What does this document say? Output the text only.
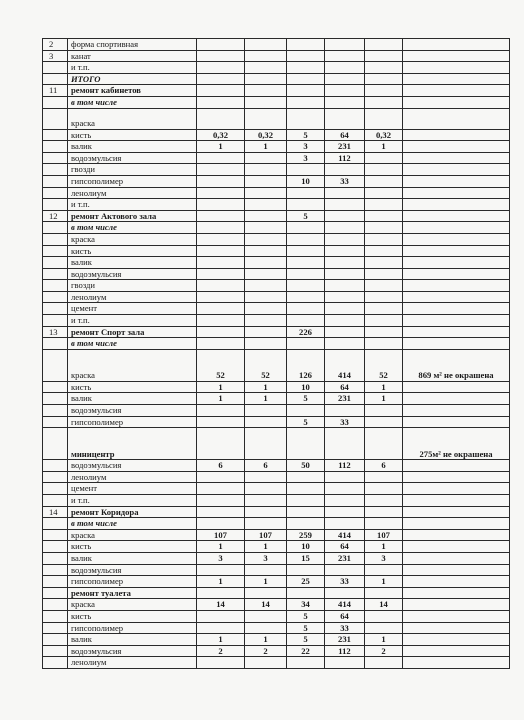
2	форма спортивная						
3	канат						
	и т.п.						
	ИТОГО						
11	ремонт кабинетов						
	в том числе						
	краска						
	кисть	0,32	0,32	5	64	0,32	
	валик	1	1	3	231	1	
	водоэмульсия			3	112		
	гвозди						
	гипсополимер			10	33		
	ленолиум						
	и т.п.						
12	ремонт Актового зала			5			
	в том числе						
	краска						
	кисть						
	валик						
	водоэмульсия						
	гвозди						
	ленолиум						
	цемент						
	и т.п.						
13	ремонт Спорт зала			226			
	в том числе						
	краска	52	52	126	414	52	869 м² не окрашена
	кисть	1	1	10	64	1	
	валик	1	1	5	231	1	
	водоэмульсия						
	гипсополимер			5	33		
	миницентр						275м² не окрашена
	водоэмульсия	6	6	50	112	6	
	ленолиум						
	цемент						
	и т.п.						
14	ремонт Коридора						
	в том числе						
	краска	107	107	259	414	107	
	кисть	1	1	10	64	1	
	валик	3	3	15	231	3	
	водоэмульсия						
	гипсополимер	1	1	25	33	1	
	ремонт туалета						
	краска	14	14	34	414	14	
	кисть			5	64		
	гипсополимер			5	33		
	валик	1	1	5	231	1	
	водоэмульсия	2	2	22	112	2	
	ленолиум						
